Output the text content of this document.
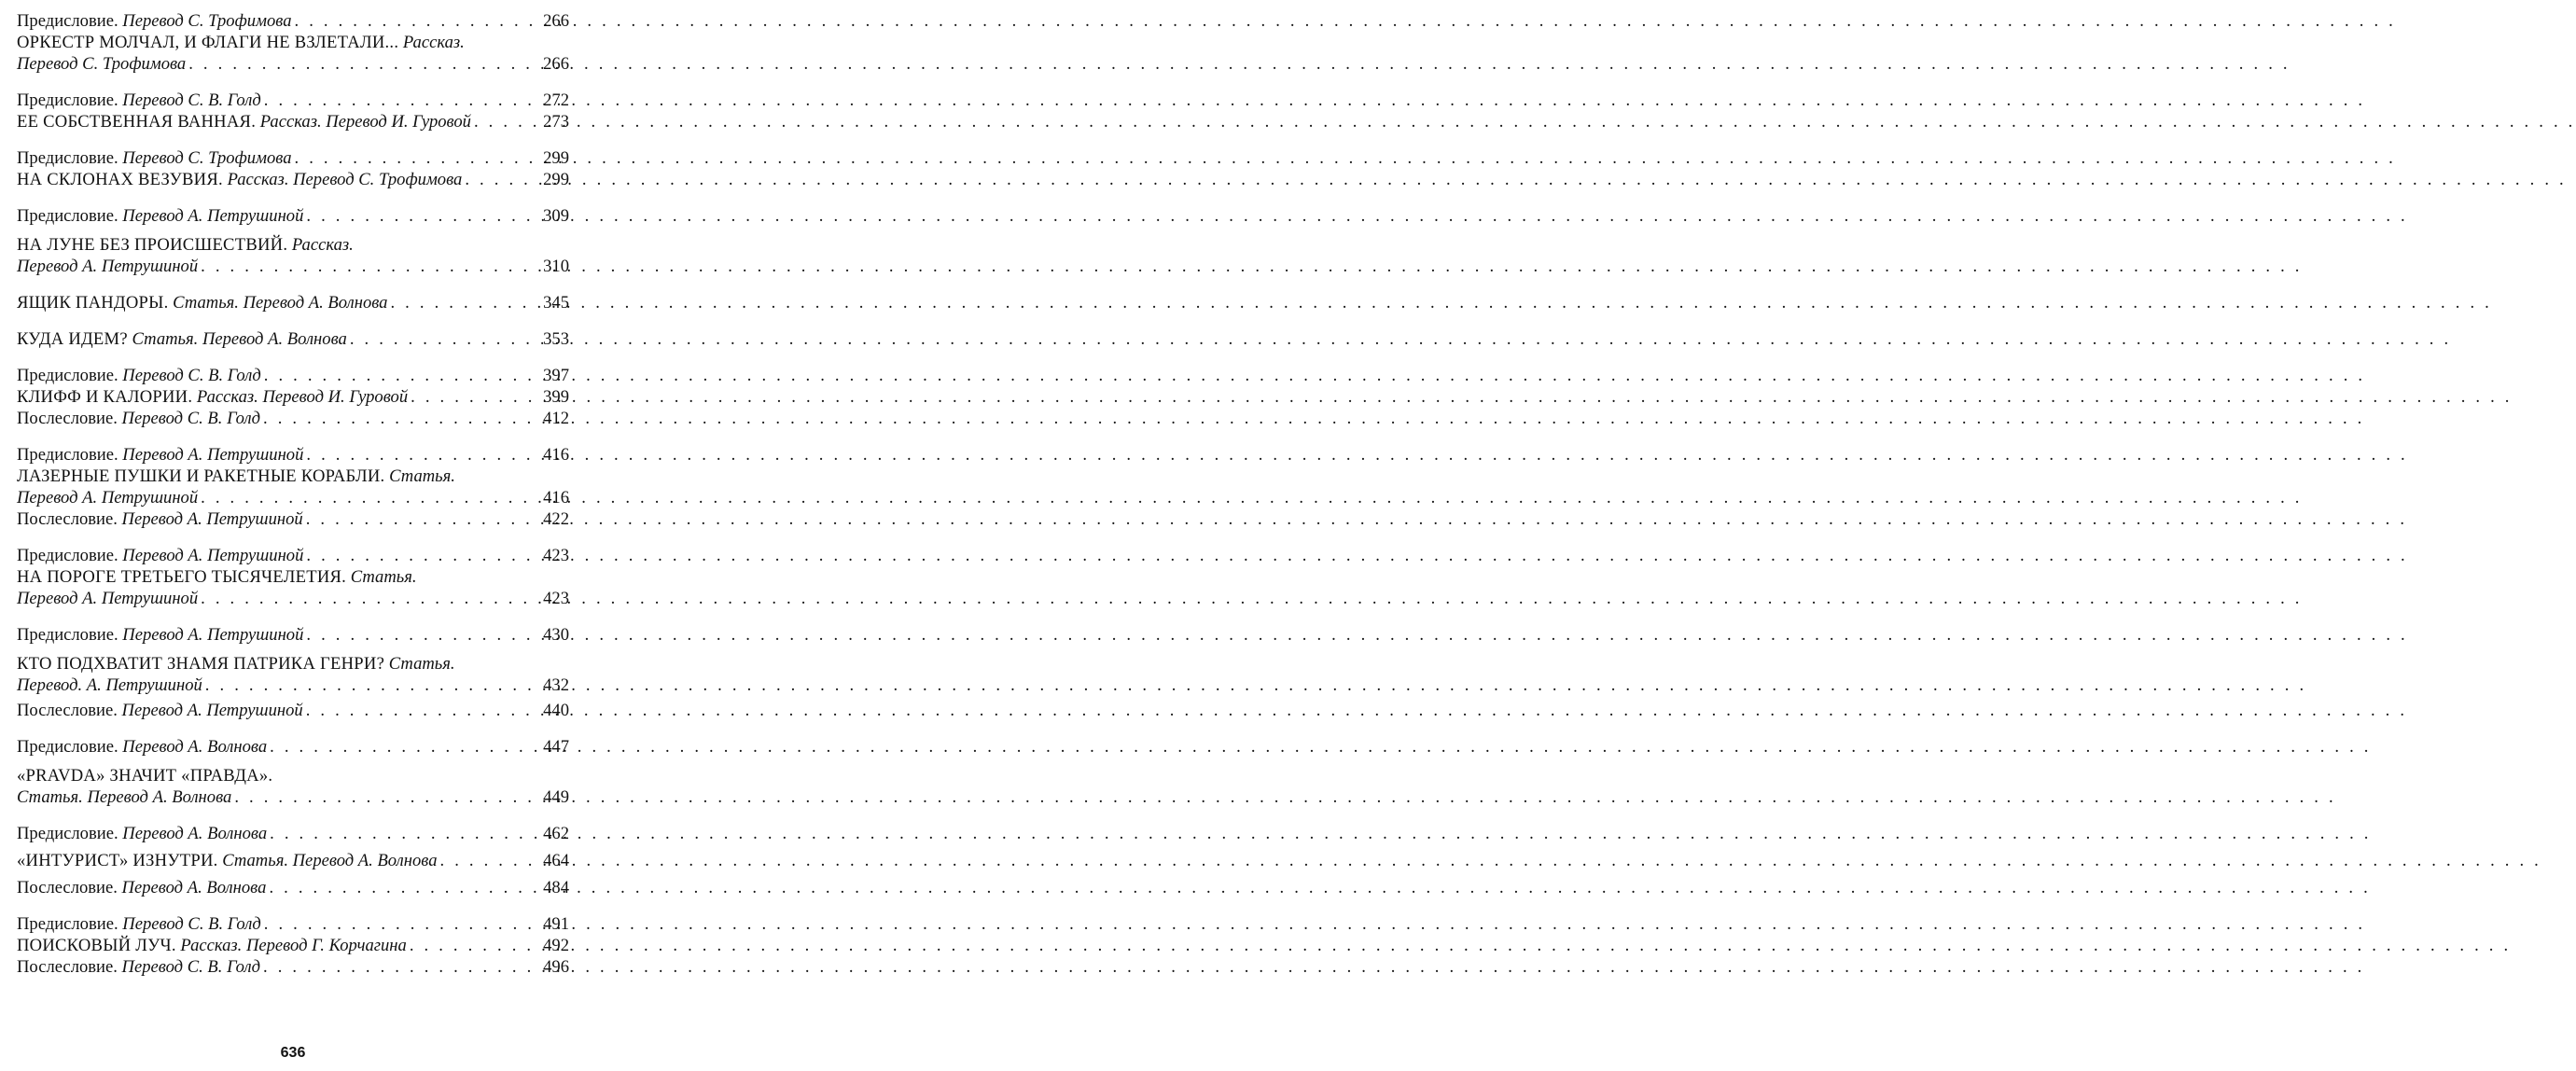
Предисловие. Перевод С. Трофимова . . .	266
ОРКЕСТР МОЛЧАЛ, И ФЛАГИ НЕ ВЗЛЕТАЛИ... Рассказ.
Перевод С. Трофимова . . .	266
Предисловие. Перевод С. В. Голд . . .	272
ЕЕ СОБСТВЕННАЯ ВАННАЯ. Рассказ. Перевод И. Гуровой . . .	273
Предисловие. Перевод С. Трофимова . . .	299
НА СКЛОНАХ ВЕЗУВИЯ. Рассказ. Перевод С. Трофимова . . .	299
Предисловие. Перевод А. Петрушиной . . .	309
НА ЛУНЕ БЕЗ ПРОИСШЕСТВИЙ. Рассказ.
Перевод А. Петрушиной . . .	310
ЯЩИК ПАНДОРЫ. Статья. Перевод А. Волнова . . .	345
КУДА ИДЕМ? Статья. Перевод А. Волнова . . .	353
Предисловие. Перевод С. В. Голд . . .	397
КЛИФФ И КАЛОРИИ. Рассказ. Перевод И. Гуровой . . .	399
Послесловие. Перевод С. В. Голд . . .	412
Предисловие. Перевод А. Петрушиной . . .	416
ЛАЗЕРНЫЕ ПУШКИ И РАКЕТНЫЕ КОРАБЛИ. Статья.
Перевод А. Петрушиной . . .	416
Послесловие. Перевод А. Петрушиной . . .	422
Предисловие. Перевод А. Петрушиной . . .	423
НА ПОРОГЕ ТРЕТЬЕГО ТЫСЯЧЕЛЕТИЯ. Статья.
Перевод А. Петрушиной . . .	423
Предисловие. Перевод А. Петрушиной . . .	430
КТО ПОДХВАТИТ ЗНАМЯ ПАТРИКА ГЕНРИ? Статья.
Перевод. А. Петрушиной . . .	432
Послесловие. Перевод А. Петрушиной . . .	440
Предисловие. Перевод А. Волнова . . .	447
«PRAVDA» ЗНАЧИТ «ПРАВДА».
Статья. Перевод А. Волнова . . .	449
Предисловие. Перевод А. Волнова . . .	462
«ИНТУРИСТ» ИЗНУТРИ. Статья. Перевод А. Волнова . . .	464
Послесловие. Перевод А. Волнова . . .	484
Предисловие. Перевод С. В. Голд . . .	491
ПОИСКОВЫЙ ЛУЧ. Рассказ. Перевод Г. Корчагина . . .	492
Послесловие. Перевод С. В. Голд . . .	496
636
